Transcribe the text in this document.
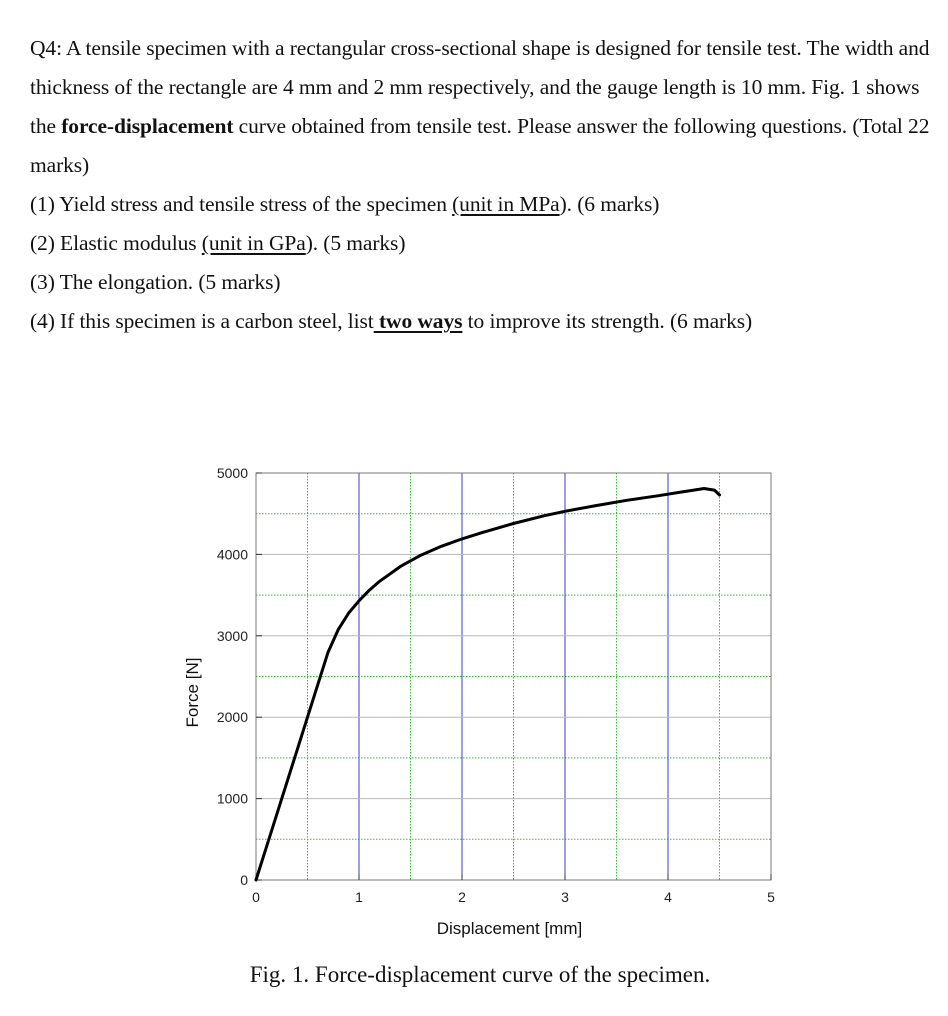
Q4: A tensile specimen with a rectangular cross-sectional shape is designed for tensile test. The width and thickness of the rectangle are 4 mm and 2 mm respectively, and the gauge length is 10 mm. Fig. 1 shows the force-displacement curve obtained from tensile test. Please answer the following questions. (Total 22 marks)

(1) Yield stress and tensile stress of the specimen (unit in MPa). (6 marks)

(2) Elastic modulus (unit in GPa). (5 marks)

(3) The elongation. (5 marks)

(4) If this specimen is a carbon steel, list two ways to improve its strength. (6 marks)

0	1	2	3	4	5
0
1000
2000
3000
4000
5000
Displacement [mm]
Force [N]
Fig. 1. Force-displacement curve of the specimen.
